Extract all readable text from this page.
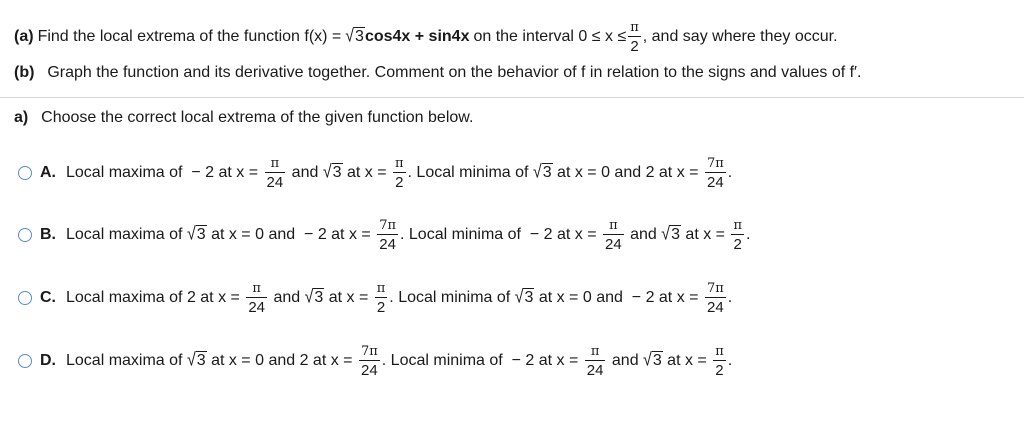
(a) Find the local extrema of the function f(x) = √3 cos4x + sin4x on the interval $0 \le x \le \frac{\pi}{2}$ , and say where they occur.
(b) Graph the function and its derivative together. Comment on the behavior of f in relation to the signs and values of f′.
a) Choose the correct local extrema of the given function below.
A. Local maxima of  − 2 at $x = \frac{\pi}{24}$ and √3 at $x = \frac{\pi}{2}$ . Local minima of √3 at x = 0 and 2 at $x = \frac{7\pi}{24}$ .
B. Local maxima of √3 at x = 0 and  − 2 at $x = \frac{7\pi}{24}$ . Local minima of  − 2 at $x = \frac{\pi}{24}$ and √3 at $x = \frac{\pi}{2}$ .
C. Local maxima of 2 at $x = \frac{\pi}{24}$ and √3 at $x = \frac{\pi}{2}$ . Local minima of √3 at x = 0 and  − 2 at $x = \frac{7\pi}{24}$ .
D. Local maxima of √3 at x = 0 and 2 at $x = \frac{7\pi}{24}$ . Local minima of  − 2 at $x = \frac{\pi}{24}$ and √3 at $x = \frac{\pi}{2}$ .
